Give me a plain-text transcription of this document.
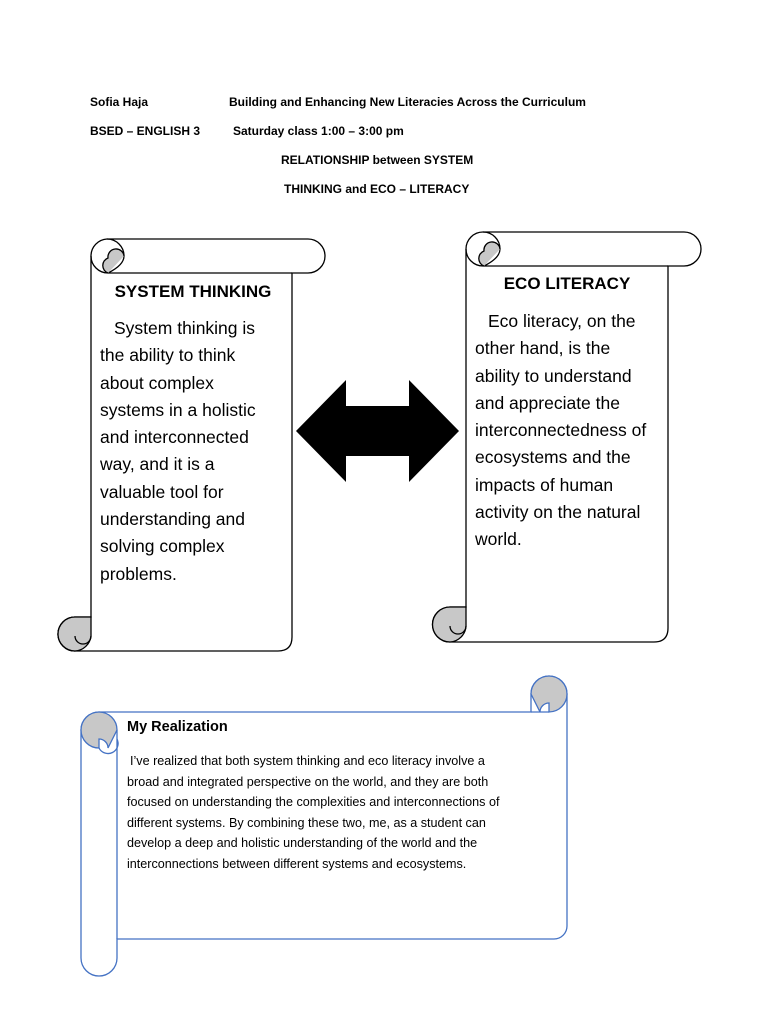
Sofia Haja	Building and Enhancing New Literacies Across the Curriculum
BSED – ENGLISH 3	Saturday class 1:00 – 3:00 pm
RELATIONSHIP between SYSTEM
THINKING and ECO – LITERACY
SYSTEM THINKING
System thinking is
the ability to think
about complex
systems in a holistic
and interconnected
way, and it is a
valuable tool for
understanding and
solving complex
problems.
ECO LITERACY
Eco literacy, on the
other hand, is the
ability to understand
and appreciate the
interconnectedness of
ecosystems and the
impacts of human
activity on the natural
world.
My Realization
I’ve realized that both system thinking and eco literacy involve a
broad and integrated perspective on the world, and they are both
focused on understanding the complexities and interconnections of
different systems. By combining these two, me, as a student can
develop a deep and holistic understanding of the world and the
interconnections between different systems and ecosystems.
